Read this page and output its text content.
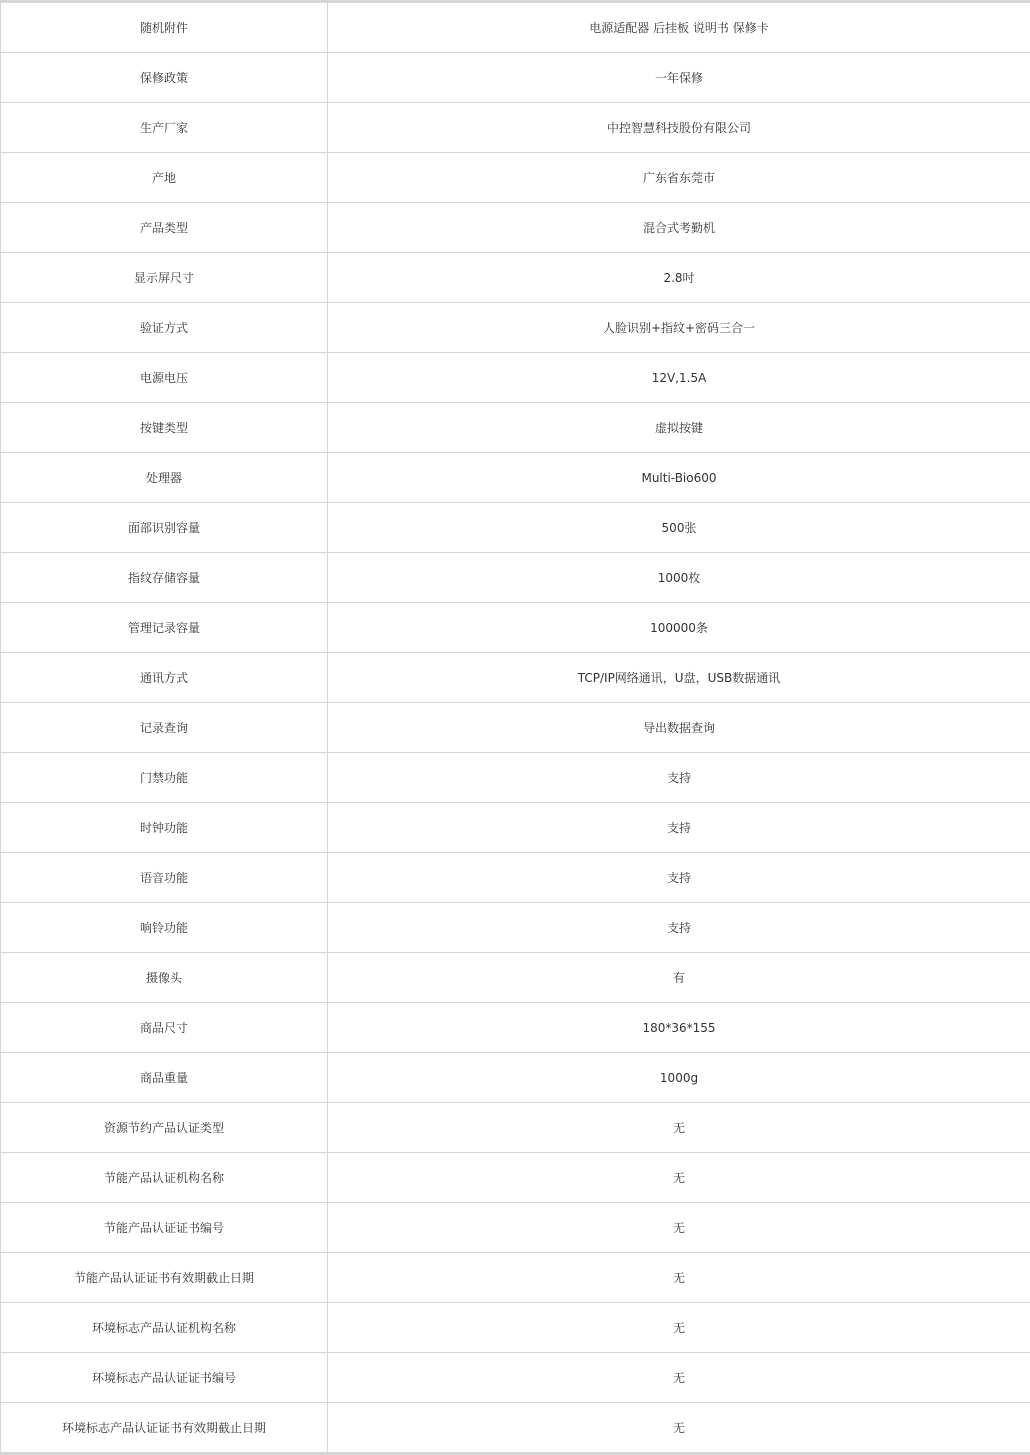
随机附件	电源适配器 后挂板 说明书 保修卡
保修政策	一年保修
生产厂家	中控智慧科技股份有限公司
产地	广东省东莞市
产品类型	混合式考勤机
显示屏尺寸	2.8吋
验证方式	人脸识别+指纹+密码三合一
电源电压	12V,1.5A
按键类型	虚拟按键
处理器	Multi-Bio600
面部识别容量	500张
指纹存储容量	1000枚
管理记录容量	100000条
通讯方式	TCP/IP网络通讯，U盘，USB数据通讯
记录查询	导出数据查询
门禁功能	支持
时钟功能	支持
语音功能	支持
响铃功能	支持
摄像头	有
商品尺寸	180*36*155
商品重量	1000g
资源节约产品认证类型	无
节能产品认证机构名称	无
节能产品认证证书编号	无
节能产品认证证书有效期截止日期	无
环境标志产品认证机构名称	无
环境标志产品认证证书编号	无
环境标志产品认证证书有效期截止日期	无
